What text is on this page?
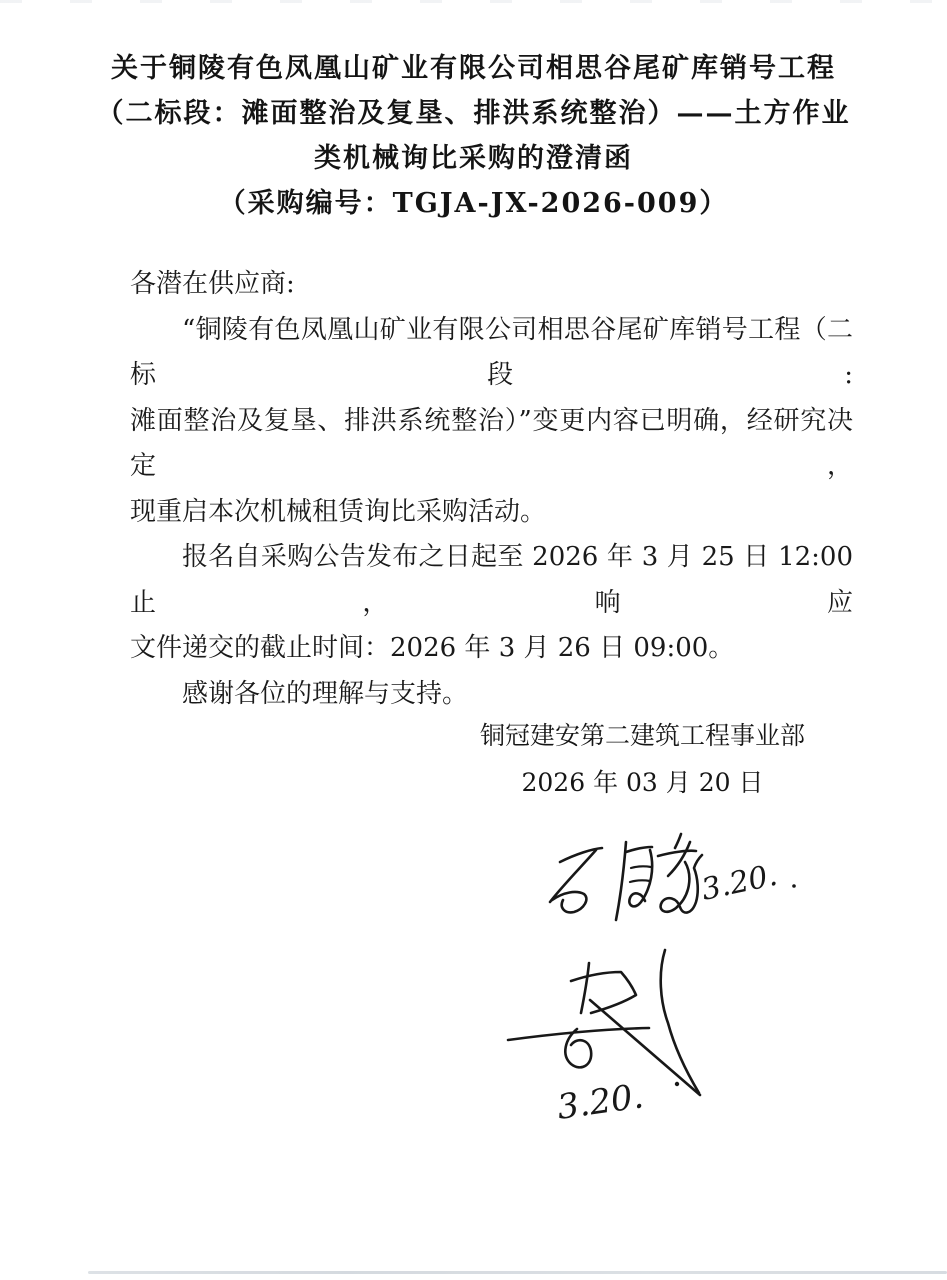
关于铜陵有色凤凰山矿业有限公司相思谷尾矿库销号工程
（二标段：滩面整治及复垦、排洪系统整治）——土方作业
类机械询比采购的澄清函
（采购编号：TGJA-JX-2026-009）
各潜在供应商:
“铜陵有色凤凰山矿业有限公司相思谷尾矿库销号工程（二标段:
滩面整治及复垦、排洪系统整治）”变更内容已明确，经研究决定，
现重启本次机械租赁询比采购活动。
报名自采购公告发布之日起至 2026 年 3 月 25 日 12:00 止，响应
文件递交的截止时间：2026 年 3 月 26 日 09:00。
感谢各位的理解与支持。
铜冠建安第二建筑工程事业部
2026 年 03 月 20 日
3.20.
3.20.
